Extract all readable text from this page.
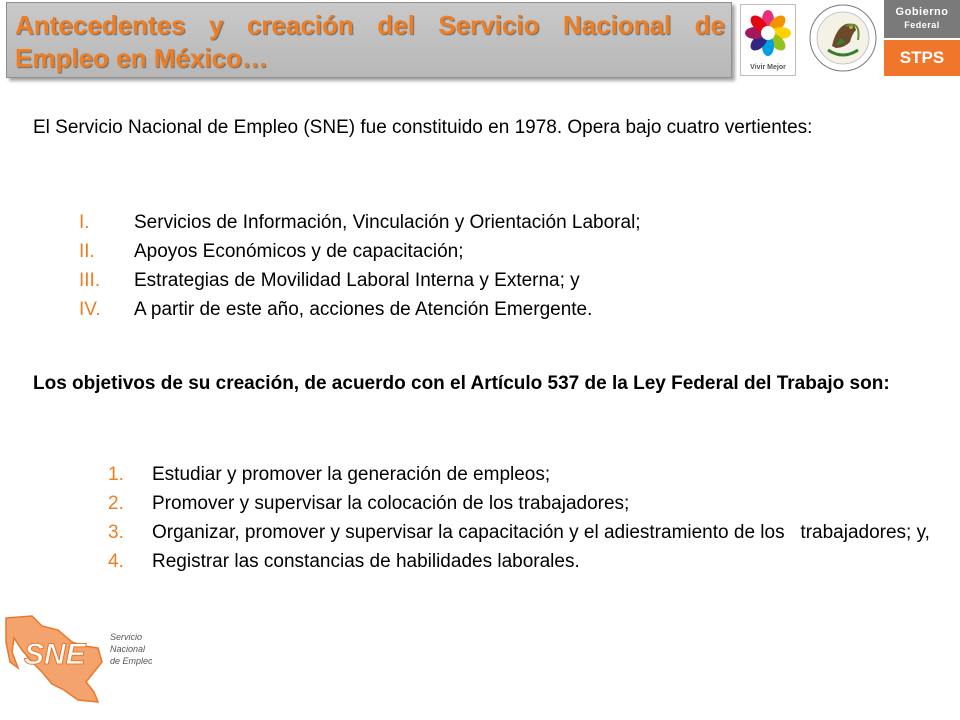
Antecedentes y creación del Servicio Nacional de Empleo en México…	Vivir Mejor
Gobierno
Federal
STPS

El Servicio Nacional de Empleo (SNE) fue constituido en 1978. Opera bajo cuatro vertientes:

I. Servicios de Información, Vinculación y Orientación Laboral;
II. Apoyos Económicos y de capacitación;
III. Estrategias de Movilidad Laboral Interna y Externa; y
IV. A partir de este año, acciones de Atención Emergente.

Los objetivos de su creación, de acuerdo con el Artículo 537 de la Ley Federal del Trabajo son:

1. Estudiar y promover la generación de empleos;
2. Promover y supervisar la colocación de los trabajadores;
3. Organizar, promover y supervisar la capacitación y el adiestramiento de los   trabajadores; y,
4. Registrar las constancias de habilidades laborales.
SNE
Servicio
Nacional
de Empleo
